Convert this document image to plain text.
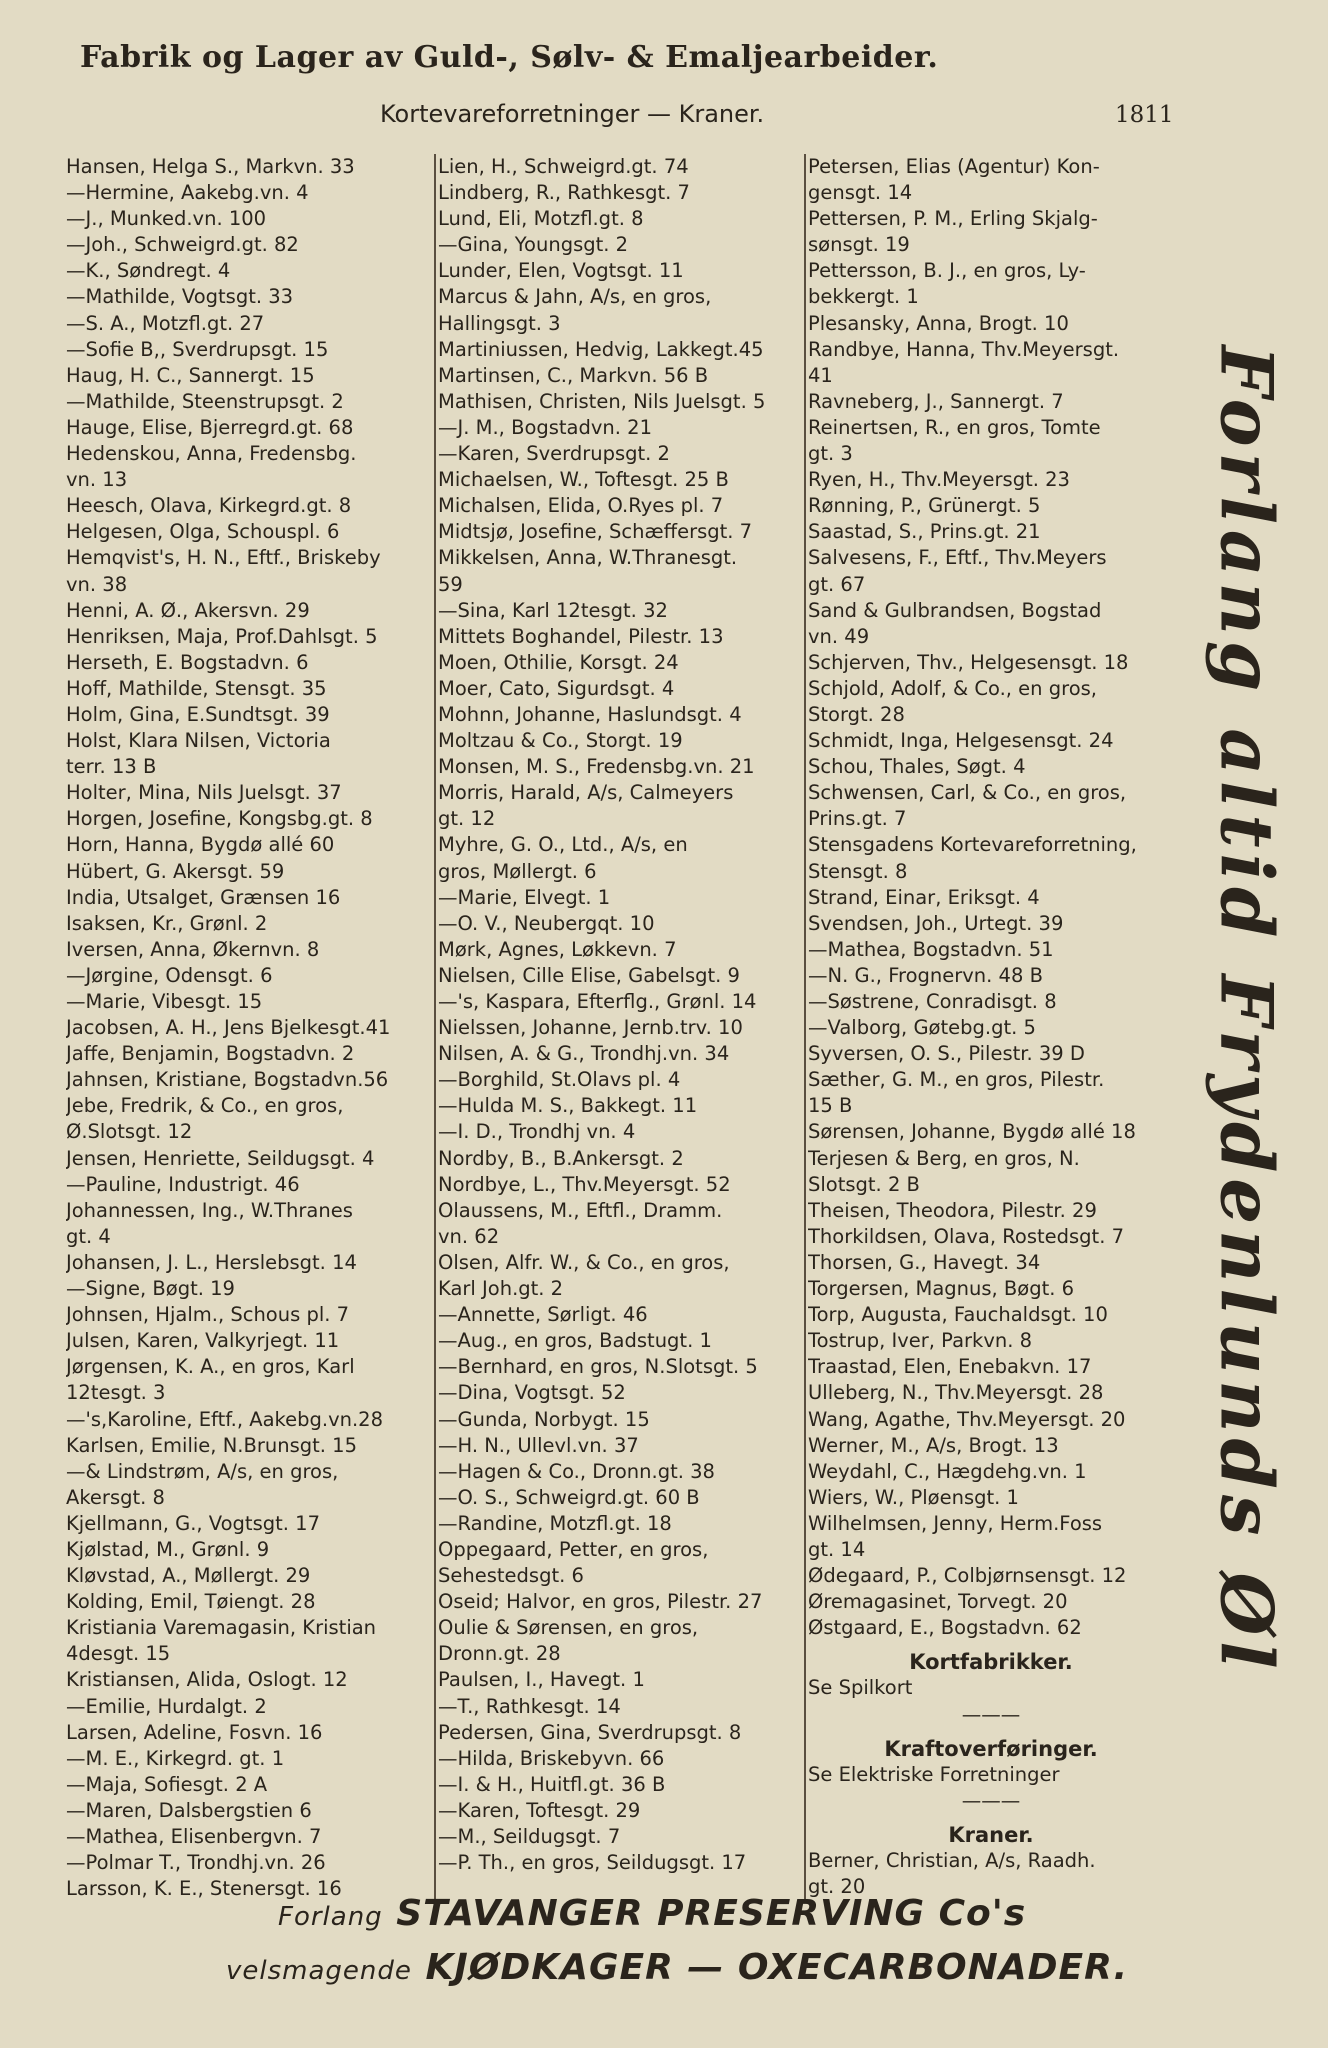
Fabrik og Lager av Guld-, Sølv- & Emaljearbeider.
Kortevareforretninger — Kraner.	1811
Hansen, Helga S., Markvn. 33
—Hermine, Aakebg.vn. 4
—J., Munked.vn. 100
—Joh., Schweigrd.gt. 82
—K., Søndregt. 4
—Mathilde, Vogtsgt. 33
—S. A., Motzfl.gt. 27
—Sofie B,, Sverdrupsgt. 15
Haug, H. C., Sannergt. 15
—Mathilde, Steenstrupsgt. 2
Hauge, Elise, Bjerregrd.gt. 68
Hedenskou, Anna, Fredensbg.
vn. 13
Heesch, Olava, Kirkegrd.gt. 8
Helgesen, Olga, Schouspl. 6
Hemqvist's, H. N., Eftf., Briskeby
vn. 38
Henni, A. Ø., Akersvn. 29
Henriksen, Maja, Prof.Dahlsgt. 5
Herseth, E. Bogstadvn. 6
Hoff, Mathilde, Stensgt. 35
Holm, Gina, E.Sundtsgt. 39
Holst, Klara Nilsen, Victoria
terr. 13 B
Holter, Mina, Nils Juelsgt. 37
Horgen, Josefine, Kongsbg.gt. 8
Horn, Hanna, Bygdø allé 60
Hübert, G. Akersgt. 59
India, Utsalget, Grænsen 16
Isaksen, Kr., Grønl. 2
Iversen, Anna, Økernvn. 8
—Jørgine, Odensgt. 6
—Marie, Vibesgt. 15
Jacobsen, A. H., Jens Bjelkesgt.41
Jaffe, Benjamin, Bogstadvn. 2
Jahnsen, Kristiane, Bogstadvn.56
Jebe, Fredrik, & Co., en gros,
Ø.Slotsgt. 12
Jensen, Henriette, Seildugsgt. 4
—Pauline, Industrigt. 46
Johannessen, Ing., W.Thranes
gt. 4
Johansen, J. L., Herslebsgt. 14
—Signe, Bøgt. 19
Johnsen, Hjalm., Schous pl. 7
Julsen, Karen, Valkyrjegt. 11
Jørgensen, K. A., en gros, Karl
12tesgt. 3
—'s,Karoline, Eftf., Aakebg.vn.28
Karlsen, Emilie, N.Brunsgt. 15
—& Lindstrøm, A/s, en gros,
Akersgt. 8
Kjellmann, G., Vogtsgt. 17
Kjølstad, M., Grønl. 9
Kløvstad, A., Møllergt. 29
Kolding, Emil, Tøiengt. 28
Kristiania Varemagasin, Kristian
4desgt. 15
Kristiansen, Alida, Oslogt. 12
—Emilie, Hurdalgt. 2
Larsen, Adeline, Fosvn. 16
—M. E., Kirkegrd. gt. 1
—Maja, Sofiesgt. 2 A
—Maren, Dalsbergstien 6
—Mathea, Elisenbergvn. 7
—Polmar T., Trondhj.vn. 26
Larsson, K. E., Stenersgt. 16
Lien, H., Schweigrd.gt. 74
Lindberg, R., Rathkesgt. 7
Lund, Eli, Motzfl.gt. 8
—Gina, Youngsgt. 2
Lunder, Elen, Vogtsgt. 11
Marcus & Jahn, A/s, en gros,
Hallingsgt. 3
Martiniussen, Hedvig, Lakkegt.45
Martinsen, C., Markvn. 56 B
Mathisen, Christen, Nils Juelsgt. 5
—J. M., Bogstadvn. 21
—Karen, Sverdrupsgt. 2
Michaelsen, W., Toftesgt. 25 B
Michalsen, Elida, O.Ryes pl. 7
Midtsjø, Josefine, Schæffersgt. 7
Mikkelsen, Anna, W.Thranesgt.
59
—Sina, Karl 12tesgt. 32
Mittets Boghandel, Pilestr. 13
Moen, Othilie, Korsgt. 24
Moer, Cato, Sigurdsgt. 4
Mohnn, Johanne, Haslundsgt. 4
Moltzau & Co., Storgt. 19
Monsen, M. S., Fredensbg.vn. 21
Morris, Harald, A/s, Calmeyers
gt. 12
Myhre, G. O., Ltd., A/s, en
gros, Møllergt. 6
—Marie, Elvegt. 1
—O. V., Neubergqt. 10
Mørk, Agnes, Løkkevn. 7
Nielsen, Cille Elise, Gabelsgt. 9
—'s, Kaspara, Efterflg., Grønl. 14
Nielssen, Johanne, Jernb.trv. 10
Nilsen, A. & G., Trondhj.vn. 34
—Borghild, St.Olavs pl. 4
—Hulda M. S., Bakkegt. 11
—I. D., Trondhj vn. 4
Nordby, B., B.Ankersgt. 2
Nordbye, L., Thv.Meyersgt. 52
Olaussens, M., Eftfl., Dramm.
vn. 62
Olsen, Alfr. W., & Co., en gros,
Karl Joh.gt. 2
—Annette, Sørligt. 46
—Aug., en gros, Badstugt. 1
—Bernhard, en gros, N.Slotsgt. 5
—Dina, Vogtsgt. 52
—Gunda, Norbygt. 15
—H. N., Ullevl.vn. 37
—Hagen & Co., Dronn.gt. 38
—O. S., Schweigrd.gt. 60 B
—Randine, Motzfl.gt. 18
Oppegaard, Petter, en gros,
Sehestedsgt. 6
Oseid; Halvor, en gros, Pilestr. 27
Oulie & Sørensen, en gros,
Dronn.gt. 28
Paulsen, I., Havegt. 1
—T., Rathkesgt. 14
Pedersen, Gina, Sverdrupsgt. 8
—Hilda, Briskebyvn. 66
—I. & H., Huitfl.gt. 36 B
—Karen, Toftesgt. 29
—M., Seildugsgt. 7
—P. Th., en gros, Seildugsgt. 17
Petersen, Elias (Agentur) Kon-
gensgt. 14
Pettersen, P. M., Erling Skjalg-
sønsgt. 19
Pettersson, B. J., en gros, Ly-
bekkergt. 1
Plesansky, Anna, Brogt. 10
Randbye, Hanna, Thv.Meyersgt.
41
Ravneberg, J., Sannergt. 7
Reinertsen, R., en gros, Tomte
gt. 3
Ryen, H., Thv.Meyersgt. 23
Rønning, P., Grünergt. 5
Saastad, S., Prins.gt. 21
Salvesens, F., Eftf., Thv.Meyers
gt. 67
Sand & Gulbrandsen, Bogstad
vn. 49
Schjerven, Thv., Helgesensgt. 18
Schjold, Adolf, & Co., en gros,
Storgt. 28
Schmidt, Inga, Helgesensgt. 24
Schou, Thales, Søgt. 4
Schwensen, Carl, & Co., en gros,
Prins.gt. 7
Stensgadens Kortevareforretning,
Stensgt. 8
Strand, Einar, Eriksgt. 4
Svendsen, Joh., Urtegt. 39
—Mathea, Bogstadvn. 51
—N. G., Frognervn. 48 B
—Søstrene, Conradisgt. 8
—Valborg, Gøtebg.gt. 5
Syversen, O. S., Pilestr. 39 D
Sæther, G. M., en gros, Pilestr.
15 B
Sørensen, Johanne, Bygdø allé 18
Terjesen & Berg, en gros, N.
Slotsgt. 2 B
Theisen, Theodora, Pilestr. 29
Thorkildsen, Olava, Rostedsgt. 7
Thorsen, G., Havegt. 34
Torgersen, Magnus, Bøgt. 6
Torp, Augusta, Fauchaldsgt. 10
Tostrup, Iver, Parkvn. 8
Traastad, Elen, Enebakvn. 17
Ulleberg, N., Thv.Meyersgt. 28
Wang, Agathe, Thv.Meyersgt. 20
Werner, M., A/s, Brogt. 13
Weydahl, C., Hægdehg.vn. 1
Wiers, W., Pløensgt. 1
Wilhelmsen, Jenny, Herm.Foss
gt. 14
Ødegaard, P., Colbjørnsensgt. 12
Øremagasinet, Torvegt. 20
Østgaard, E., Bogstadvn. 62
Kortfabrikker.
Se Spilkort
———
Kraftoverføringer.
Se Elektriske Forretninger
———
Kraner.
Berner, Christian, A/s, Raadh.
gt. 20
Forlang altid Frydenlunds Øl
Forlang STAVANGER PRESERVING Co's
velsmagende KJØDKAGER — OXECARBONADER.
